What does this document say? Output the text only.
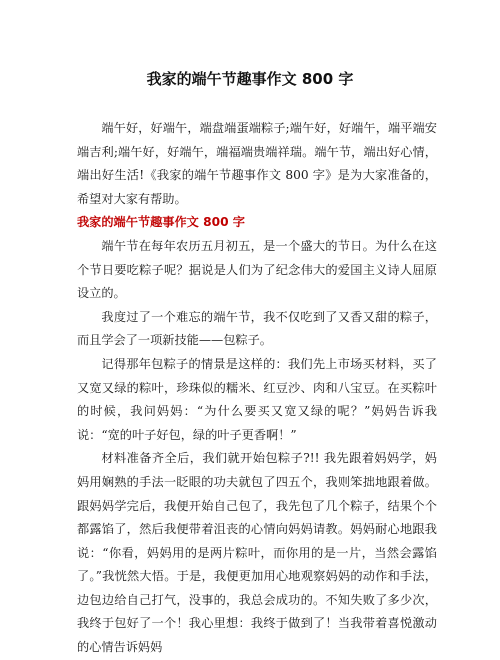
我家的端午节趣事作文 800 字

端午好，好端午，端盘端蛋端粽子;端午好，好端午，端平端安端吉利;端午好，好端午，端福端贵端祥瑞。端午节，端出好心情，端出好生活!《我家的端午节趣事作文 800 字》是为大家准备的，希望对大家有帮助。

我家的端午节趣事作文 800 字

端午节在每年农历五月初五，是一个盛大的节日。为什么在这个节日要吃粽子呢？据说是人们为了纪念伟大的爱国主义诗人屈原设立的。

我度过了一个难忘的端午节，我不仅吃到了又香又甜的粽子，而且学会了一项新技能——包粽子。

记得那年包粽子的情景是这样的：我们先上市场买材料，买了又宽又绿的粽叶，珍珠似的糯米、红豆沙、肉和八宝豆。在买粽叶的时候，我问妈妈：“为什么要买又宽又绿的呢？”妈妈告诉我说：“宽的叶子好包，绿的叶子更香啊！”

材料准备齐全后，我们就开始包粽子?!! 我先跟着妈妈学，妈妈用娴熟的手法一眨眼的功夫就包了四五个，我则笨拙地跟着做。跟妈妈学完后，我便开始自己包了，我先包了几个粽子，结果个个都露馅了，然后我便带着沮丧的心情向妈妈请教。妈妈耐心地跟我说：“你看，妈妈用的是两片粽叶，而你用的是一片，当然会露馅了。”我恍然大悟。于是，我便更加用心地观察妈妈的动作和手法，边包边给自己打气，没事的，我总会成功的。不知失败了多少次，我终于包好了一个！我心里想：我终于做到了！当我带着喜悦激动的心情告诉妈妈
